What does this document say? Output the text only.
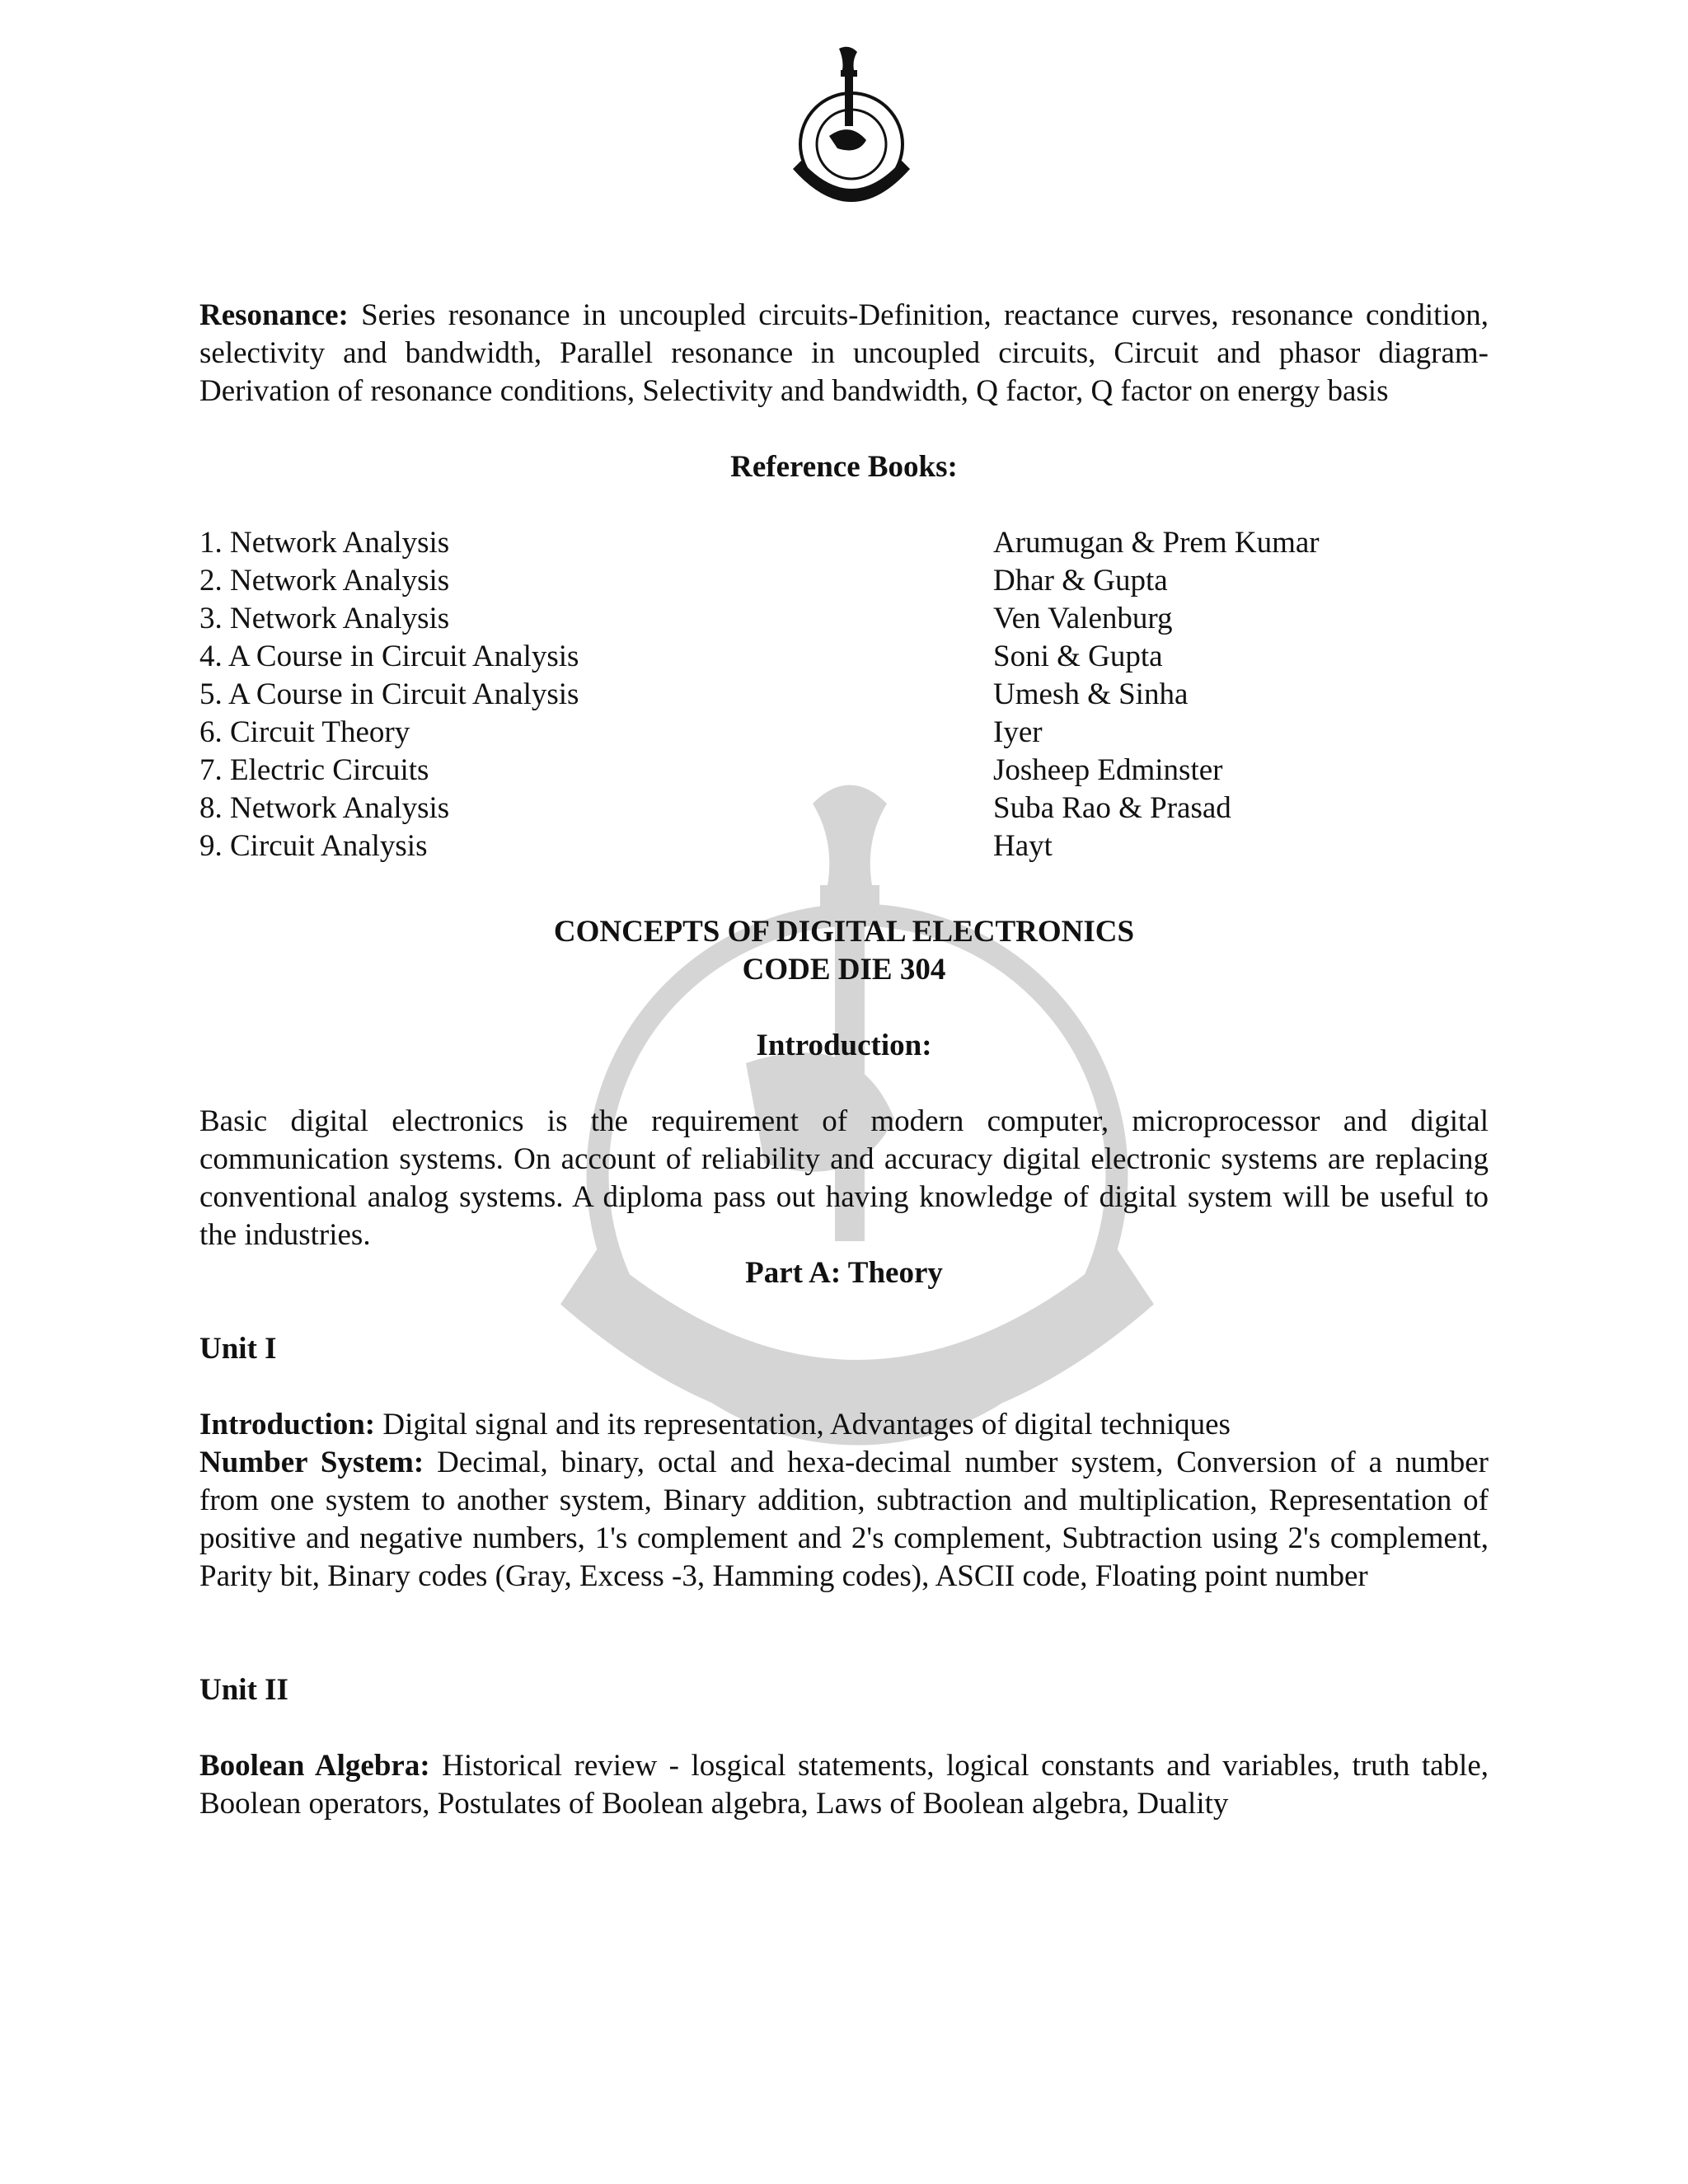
Resonance: Series resonance in uncoupled circuits-Definition, reactance curves, resonance condition, selectivity and bandwidth, Parallel resonance in uncoupled circuits, Circuit and phasor diagram- Derivation of resonance conditions, Selectivity and bandwidth, Q factor, Q factor on energy basis

Reference Books:

1. Network Analysis	Arumugan & Prem Kumar
2. Network Analysis	Dhar & Gupta
3. Network Analysis	Ven Valenburg
4. A Course in Circuit Analysis	Soni & Gupta
5. A Course in Circuit Analysis	Umesh & Sinha
6. Circuit Theory	Iyer
7. Electric Circuits	Josheep Edminster
8. Network Analysis	Suba Rao & Prasad
9. Circuit Analysis	Hayt

CONCEPTS OF DIGITAL ELECTRONICS

CODE DIE 304

Introduction:

Basic digital electronics is the requirement of modern computer, microprocessor and digital communication systems. On account of reliability and accuracy digital electronic systems are replacing conventional analog systems. A diploma pass out having knowledge of digital system will be useful to the industries.

Part A: Theory

Unit I

Introduction: Digital signal and its representation, Advantages of digital techniques

Number System: Decimal, binary, octal and hexa-decimal number system, Conversion of a number from one system to another system, Binary addition, subtraction and multiplication, Representation of positive and negative numbers, 1's complement and 2's complement, Subtraction using 2's complement, Parity bit, Binary codes (Gray, Excess -3, Hamming codes), ASCII code, Floating point number

Unit II

Boolean Algebra: Historical review - losgical statements, logical constants and variables, truth table, Boolean operators, Postulates of Boolean algebra, Laws of Boolean algebra, Duality
